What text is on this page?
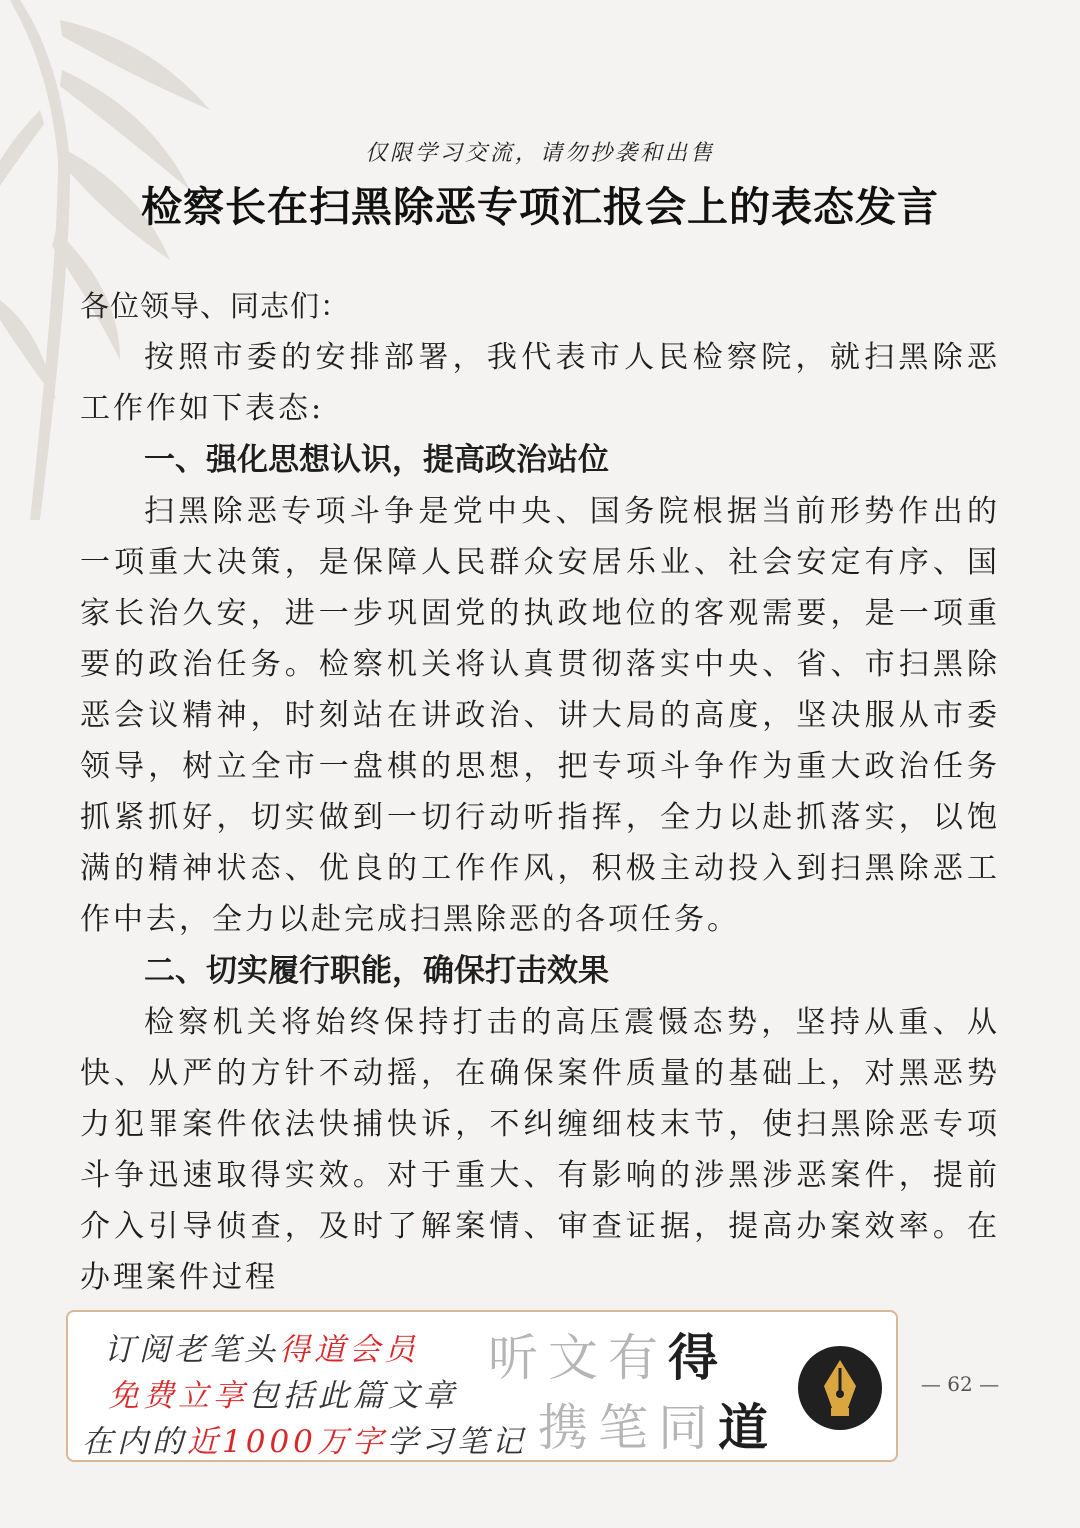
仅限学习交流，请勿抄袭和出售
检察长在扫黑除恶专项汇报会上的表态发言

各位领导、同志们：

按照市委的安排部署，我代表市人民检察院，就扫黑除恶工作作如下表态:

一、强化思想认识，提高政治站位

扫黑除恶专项斗争是党中央、国务院根据当前形势作出的一项重大决策，是保障人民群众安居乐业、社会安定有序、国家长治久安，进一步巩固党的执政地位的客观需要，是一项重要的政治任务。检察机关将认真贯彻落实中央、省、市扫黑除恶会议精神，时刻站在讲政治、讲大局的高度，坚决服从市委领导，树立全市一盘棋的思想，把专项斗争作为重大政治任务抓紧抓好，切实做到一切行动听指挥，全力以赴抓落实，以饱满的精神状态、优良的工作作风，积极主动投入到扫黑除恶工作中去，全力以赴完成扫黑除恶的各项任务。

二、切实履行职能，确保打击效果

检察机关将始终保持打击的高压震慑态势，坚持从重、从快、从严的方针不动摇，在确保案件质量的基础上，对黑恶势力犯罪案件依法快捕快诉，不纠缠细枝末节，使扫黑除恶专项斗争迅速取得实效。对于重大、有影响的涉黑涉恶案件，提前介入引导侦查，及时了解案情、审查证据，提高办案效率。在办理案件过程

订阅老笔头得道会员
免费立享包括此篇文章
在内的近1000万字学习笔记
听文有得
携笔同道
— 62 —
